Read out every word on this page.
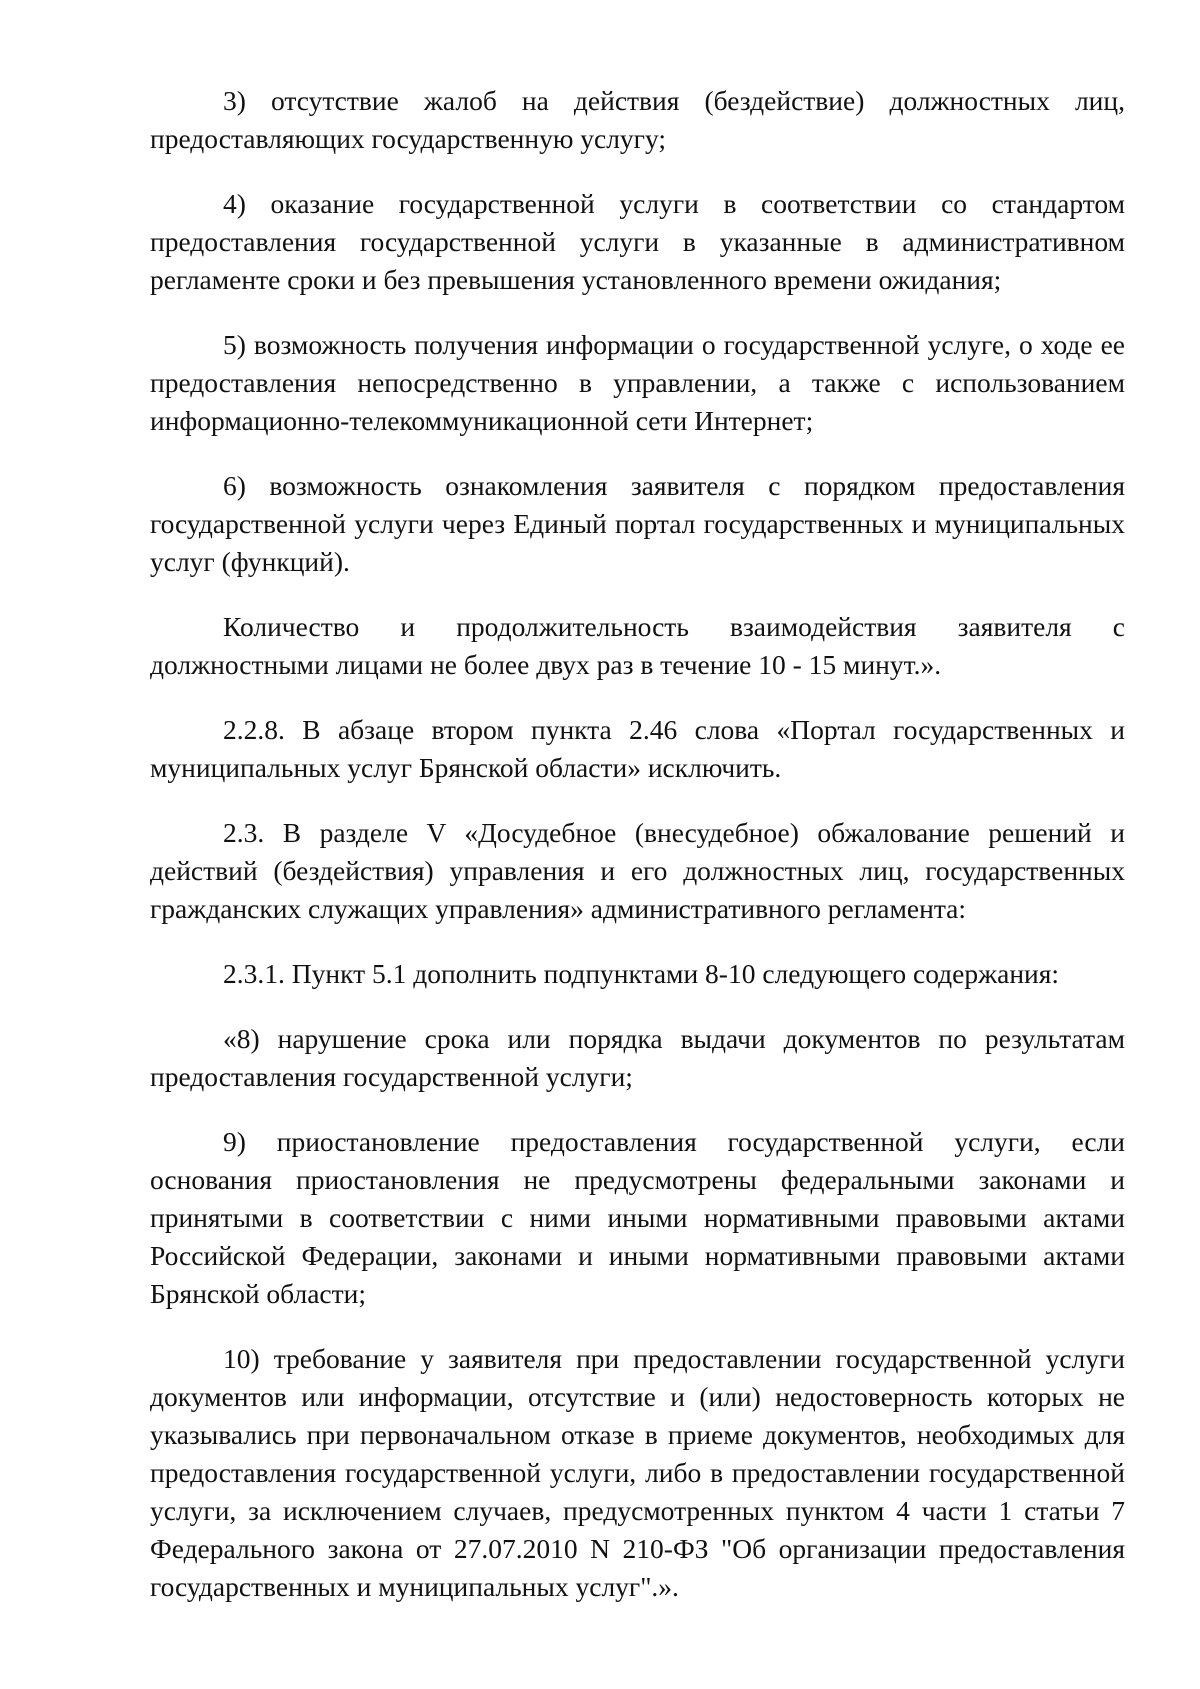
3) отсутствие жалоб на действия (бездействие) должностных лиц, предоставляющих государственную услугу;

4) оказание государственной услуги в соответствии со стандартом предоставления государственной услуги в указанные в административном регламенте сроки и без превышения установленного времени ожидания;

5) возможность получения информации о государственной услуге, о ходе ее предоставления непосредственно в управлении, а также с использованием информационно-телекоммуникационной сети Интернет;

6) возможность ознакомления заявителя с порядком предоставления государственной услуги через Единый портал государственных и муниципальных услуг (функций).

Количество и продолжительность взаимодействия заявителя с должностными лицами не более двух раз в течение 10 - 15 минут.».

2.2.8. В абзаце втором пункта 2.46 слова «Портал государственных и муниципальных услуг Брянской области» исключить.

2.3. В разделе V «Досудебное (внесудебное) обжалование решений и действий (бездействия) управления и его должностных лиц, государственных гражданских служащих управления» административного регламента:

2.3.1. Пункт 5.1 дополнить подпунктами 8-10 следующего содержания:

«8) нарушение срока или порядка выдачи документов по результатам предоставления государственной услуги;

9) приостановление предоставления государственной услуги, если основания приостановления не предусмотрены федеральными законами и принятыми в соответствии с ними иными нормативными правовыми актами Российской Федерации, законами и иными нормативными правовыми актами Брянской области;

10) требование у заявителя при предоставлении государственной услуги документов или информации, отсутствие и (или) недостоверность которых не указывались при первоначальном отказе в приеме документов, необходимых для предоставления государственной услуги, либо в предоставлении государственной услуги, за исключением случаев, предусмотренных пунктом 4 части 1 статьи 7 Федерального закона от 27.07.2010 N 210-ФЗ "Об организации предоставления государственных и муниципальных услуг".».
